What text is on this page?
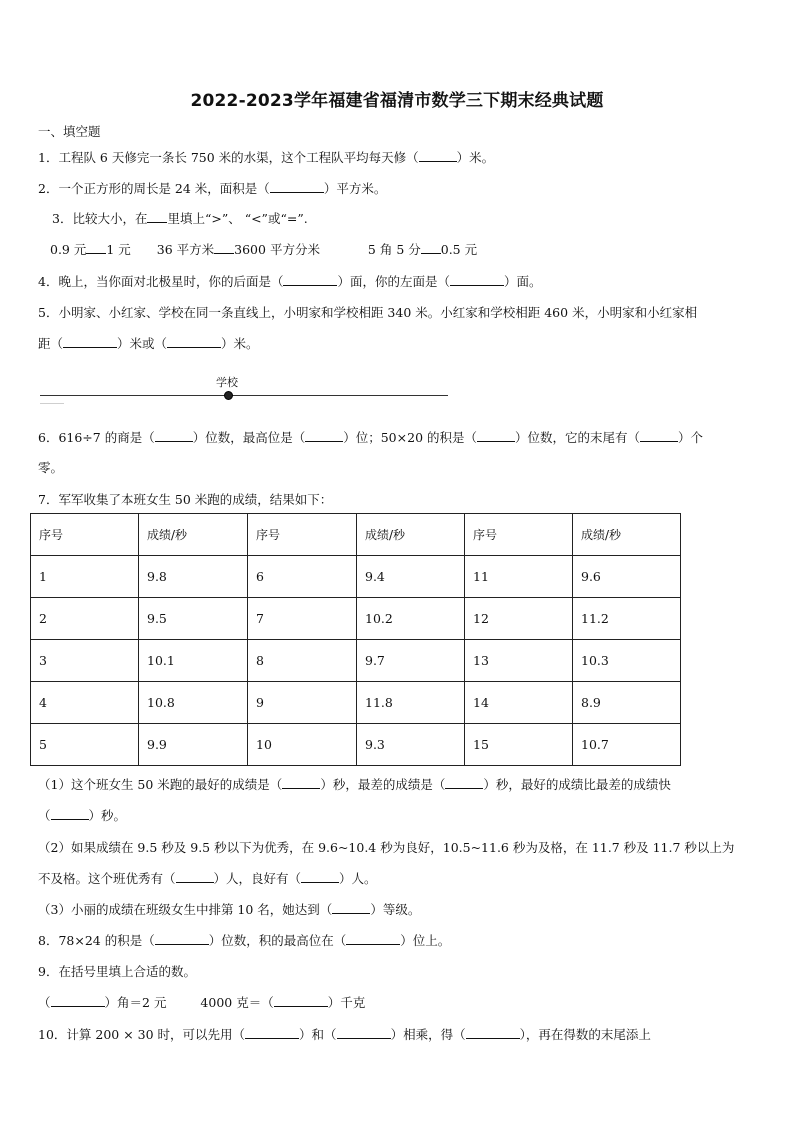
2022-2023学年福建省福清市数学三下期末经典试题
一、填空题
1．工程队 6 天修完一条长 750 米的水渠，这个工程队平均每天修（	）米。
2．一个正方形的周长是 24 米，面积是（	）平方米。
3．比较大小，在 里填上“>”、 “<”或“=”.
0.9 元 1 元 36 平方米 3600 平方分米	5 角 5 分 0.5 元
4．晚上，当你面对北极星时，你的后面是（	）面，你的左面是（	）面。
5．小明家、小红家、学校在同一条直线上，小明家和学校相距 340 米。小红家和学校相距 460 米，小明家和小红家相
距（	）米或（	）米。
学校
6．616÷7 的商是（	）位数，最高位是（	）位；50×20 的积是（	）位数，它的末尾有（	）个
零。
7．军军收集了本班女生 50 米跑的成绩，结果如下：
序号	成绩/秒	序号	成绩/秒	序号	成绩/秒
1	9.8	6	9.4	11	9.6
2	9.5	7	10.2	12	11.2
3	10.1	8	9.7	13	10.3
4	10.8	9	11.8	14	8.9
5	9.9	10	9.3	15	10.7
（1）这个班女生 50 米跑的最好的成绩是（	）秒，最差的成绩是（	）秒，最好的成绩比最差的成绩快
（	）秒。
（2）如果成绩在 9.5 秒及 9.5 秒以下为优秀，在 9.6~10.4 秒为良好，10.5~11.6 秒为及格，在 11.7 秒及 11.7 秒以上为
不及格。这个班优秀有（	）人，良好有（	）人。
（3）小丽的成绩在班级女生中排第 10 名，她达到（	）等级。
8．78×24 的积是（	）位数，积的最高位在（	）位上。
9．在括号里填上合适的数。
（	）角＝2 元	4000 克＝（	）千克
10．计算 200 × 30 时，可以先用（	）和（	）相乘，得（	），再在得数的末尾添上
